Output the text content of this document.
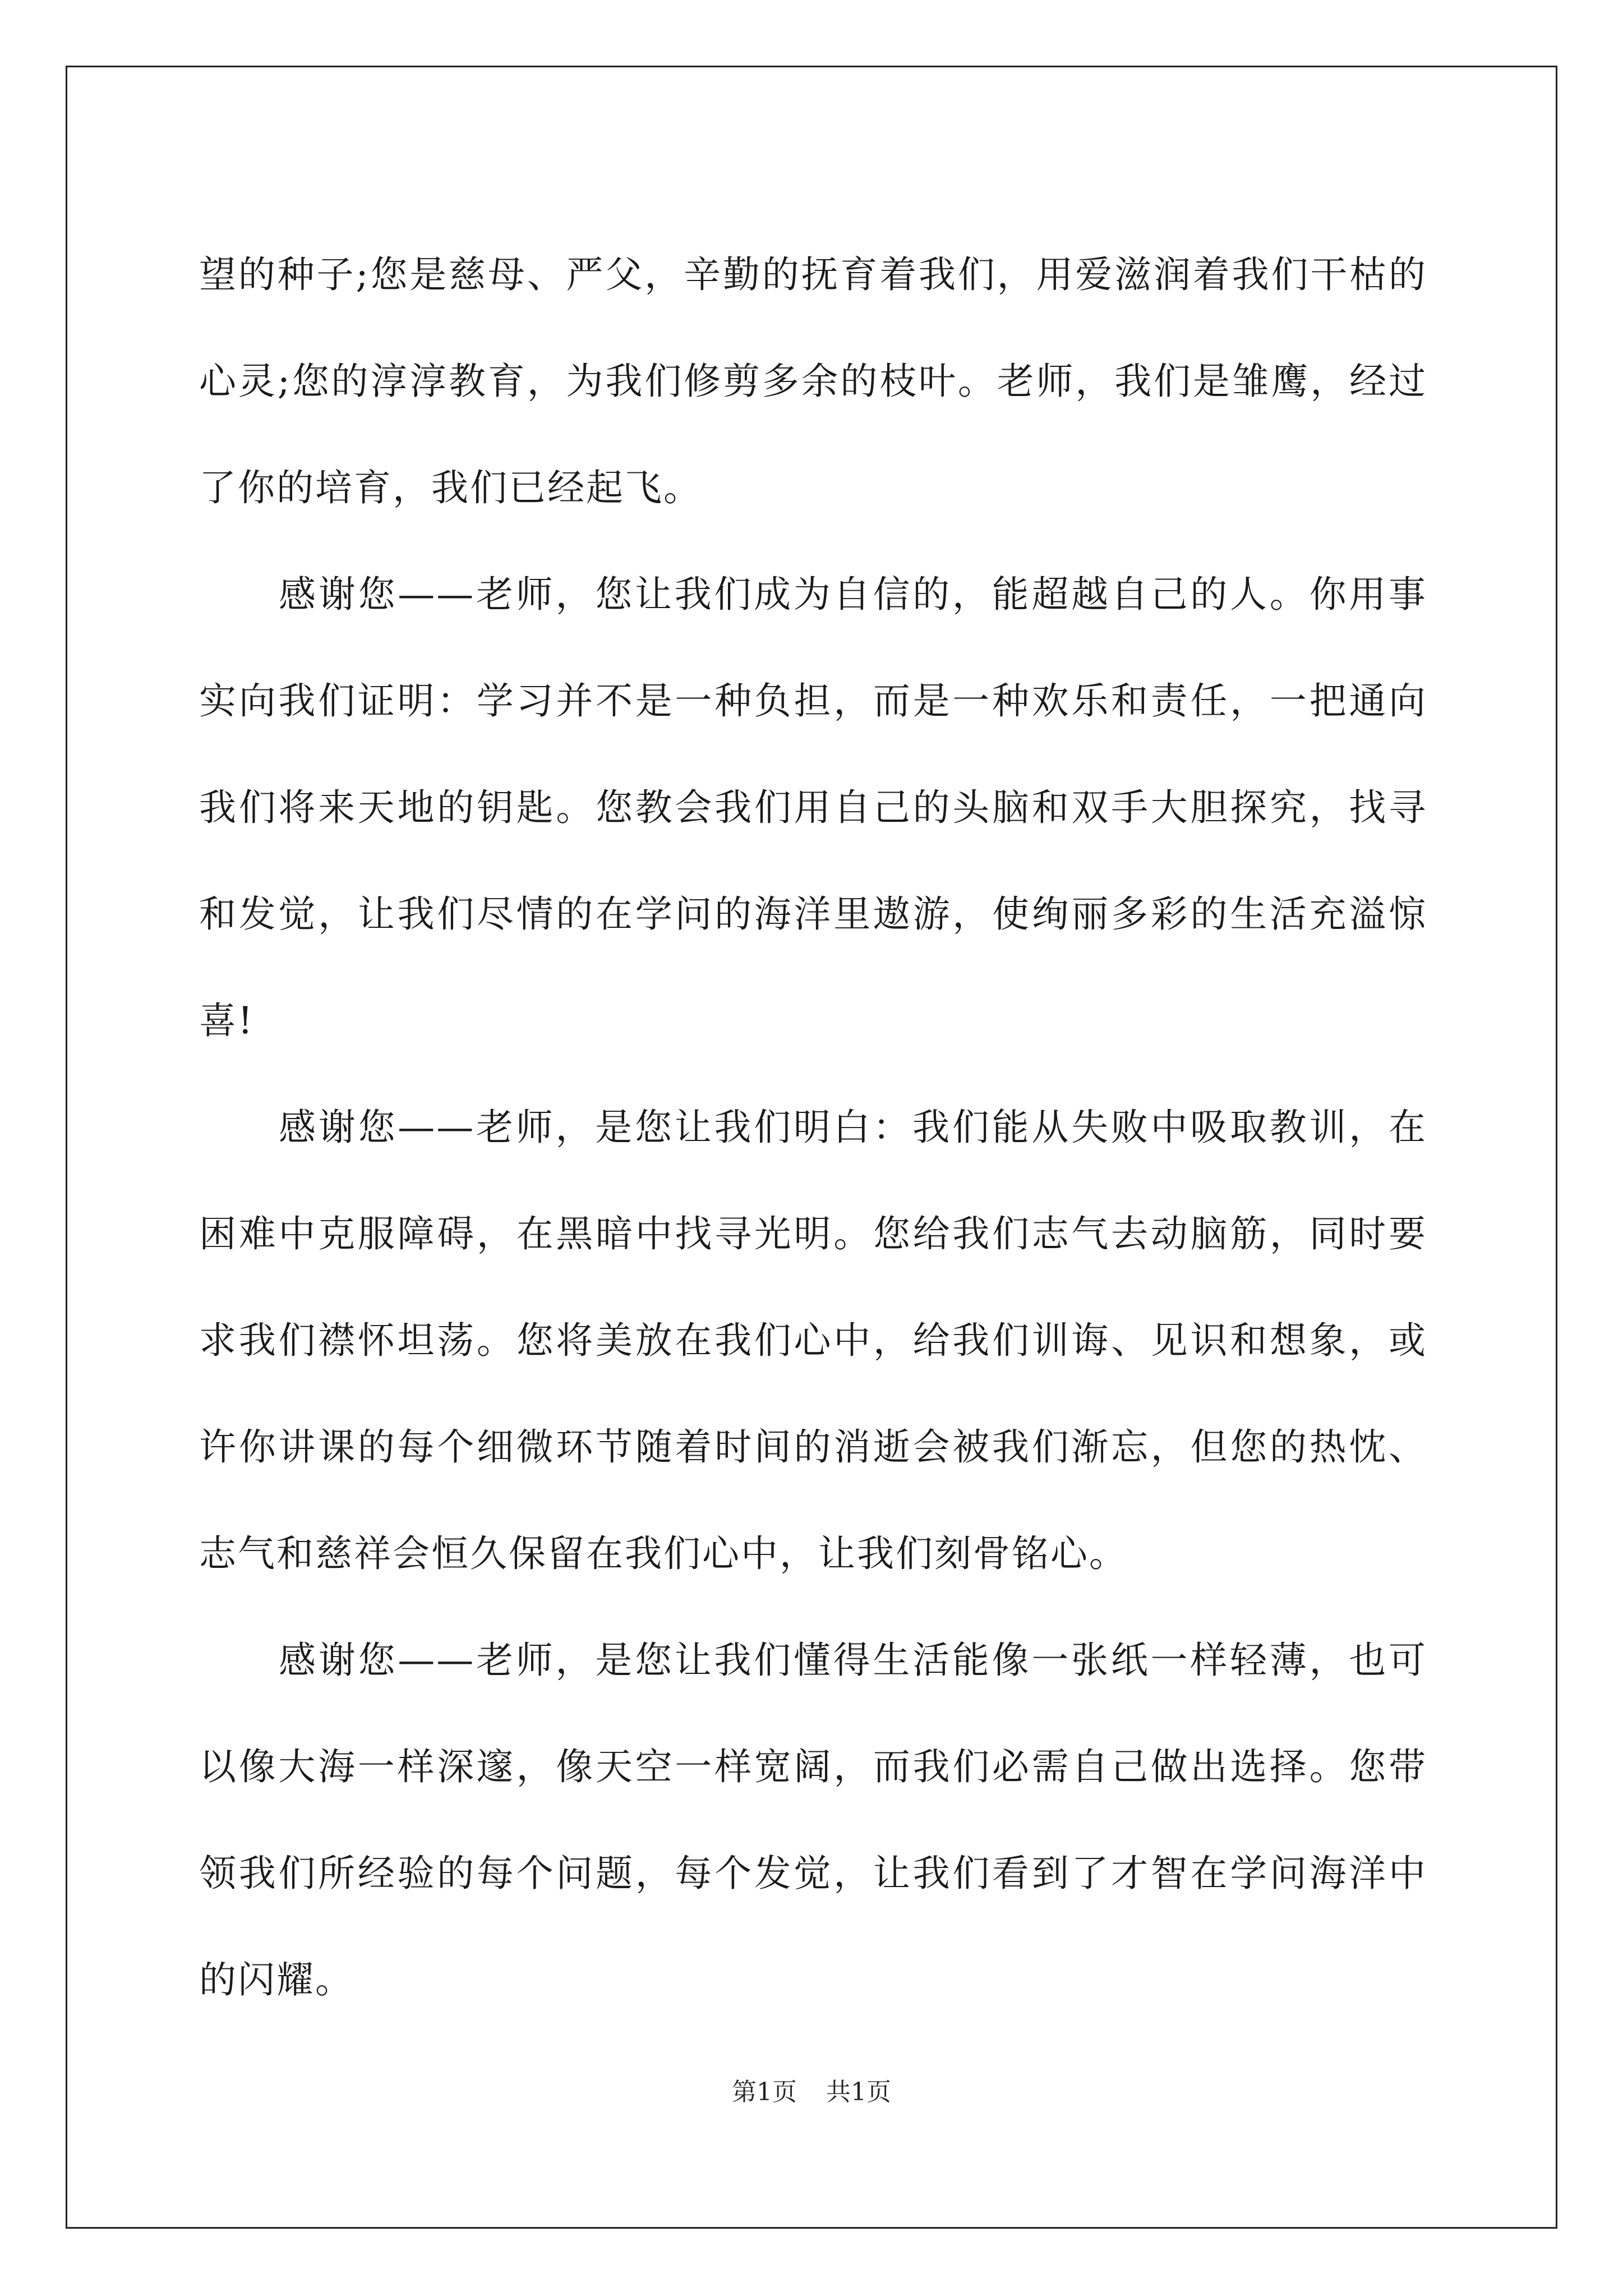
望的种子;您是慈母、严父，辛勤的抚育着我们，用爱滋润着我们干枯的心灵;您的淳淳教育，为我们修剪多余的枝叶。老师，我们是雏鹰，经过了你的培育，我们已经起飞。

感谢您——老师，您让我们成为自信的，能超越自己的人。你用事实向我们证明：学习并不是一种负担，而是一种欢乐和责任，一把通向我们将来天地的钥匙。您教会我们用自己的头脑和双手大胆探究，找寻和发觉，让我们尽情的在学问的海洋里遨游，使绚丽多彩的生活充溢惊喜!

感谢您——老师，是您让我们明白：我们能从失败中吸取教训，在困难中克服障碍，在黑暗中找寻光明。您给我们志气去动脑筋，同时要求我们襟怀坦荡。您将美放在我们心中，给我们训诲、见识和想象，或许你讲课的每个细微环节随着时间的消逝会被我们渐忘，但您的热忱、志气和慈祥会恒久保留在我们心中，让我们刻骨铭心。

感谢您——老师，是您让我们懂得生活能像一张纸一样轻薄，也可以像大海一样深邃，像天空一样宽阔，而我们必需自己做出选择。您带领我们所经验的每个问题，每个发觉，让我们看到了才智在学问海洋中的闪耀。

第1页 共1页
